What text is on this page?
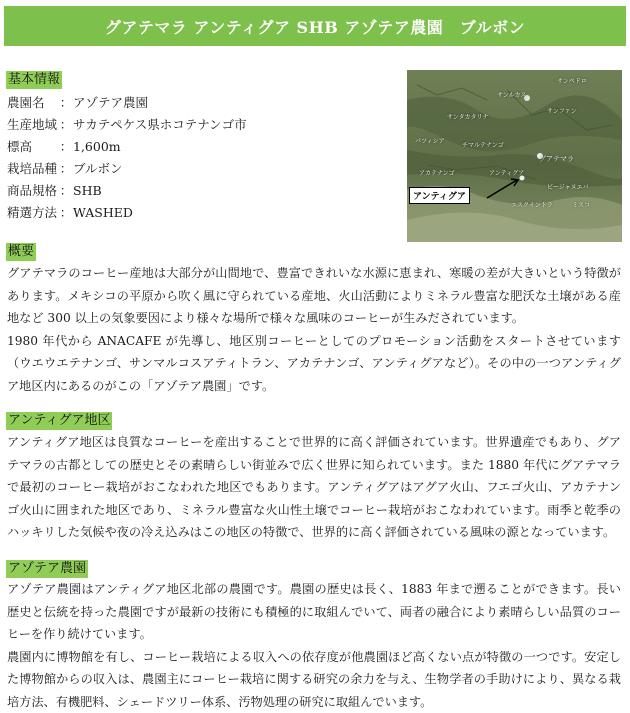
グアテマラ アンティグア SHB アゾテア農園　ブルボン
基本情報
農園名	： アゾテア農園
生産地域 ： サカテペケス県ホコテナンゴ市
標高	： 1,600m
栽培品種 ： ブルボン
商品規格 ： SHB
精選方法 ： WASHED
サンペドロ
サンファン
チマルテナンゴ
グアテマラ
アンティグア
ビージャヌエバ
エスクイントラ	ミスコ
サンタカタリナ
パツィシア
アカテナンゴ
サンルカス
アンティグア
概要

グアテマラのコーヒー産地は大部分が山間地で、豊富できれいな水源に恵まれ、寒暖の差が大きいという特徴があります。メキシコの平原から吹く風に守られている産地、火山活動によりミネラル豊富な肥沃な土壌がある産地など 300 以上の気象要因により様々な場所で様々な風味のコーヒーが生みだされています。

1980 年代から ANACAFE が先導し、地区別コーヒーとしてのプロモーション活動をスタートさせています（ウエウエテナンゴ、サンマルコスアティトラン、アカテナンゴ、アンティグアなど）。その中の一つアンティグア地区内にあるのがこの「アゾテア農園」です。

アンティグア地区

アンティグア地区は良質なコーヒーを産出することで世界的に高く評価されています。世界遺産でもあり、グアテマラの古都としての歴史とその素晴らしい街並みで広く世界に知られています。また 1880 年代にグアテマラで最初のコーヒー栽培がおこなわれた地区でもあります。アンティグアはアグア火山、フエゴ火山、アカテナンゴ火山に囲まれた地区であり、ミネラル豊富な火山性土壌でコーヒー栽培がおこなわれています。雨季と乾季のハッキリした気候や夜の冷え込みはこの地区の特徴で、世界的に高く評価されている風味の源となっています。

アゾテア農園

アゾテア農園はアンティグア地区北部の農園です。農園の歴史は長く、1883 年まで遡ることができます。長い歴史と伝統を持った農園ですが最新の技術にも積極的に取組んでいて、両者の融合により素晴らしい品質のコーヒーを作り続けています。

農園内に博物館を有し、コーヒー栽培による収入への依存度が他農園ほど高くない点が特徴の一つです。安定した博物館からの収入は、農園主にコーヒー栽培に関する研究の余力を与え、生物学者の手助けにより、異なる栽培方法、有機肥料、シェードツリー体系、汚物処理の研究に取組んでいます。
